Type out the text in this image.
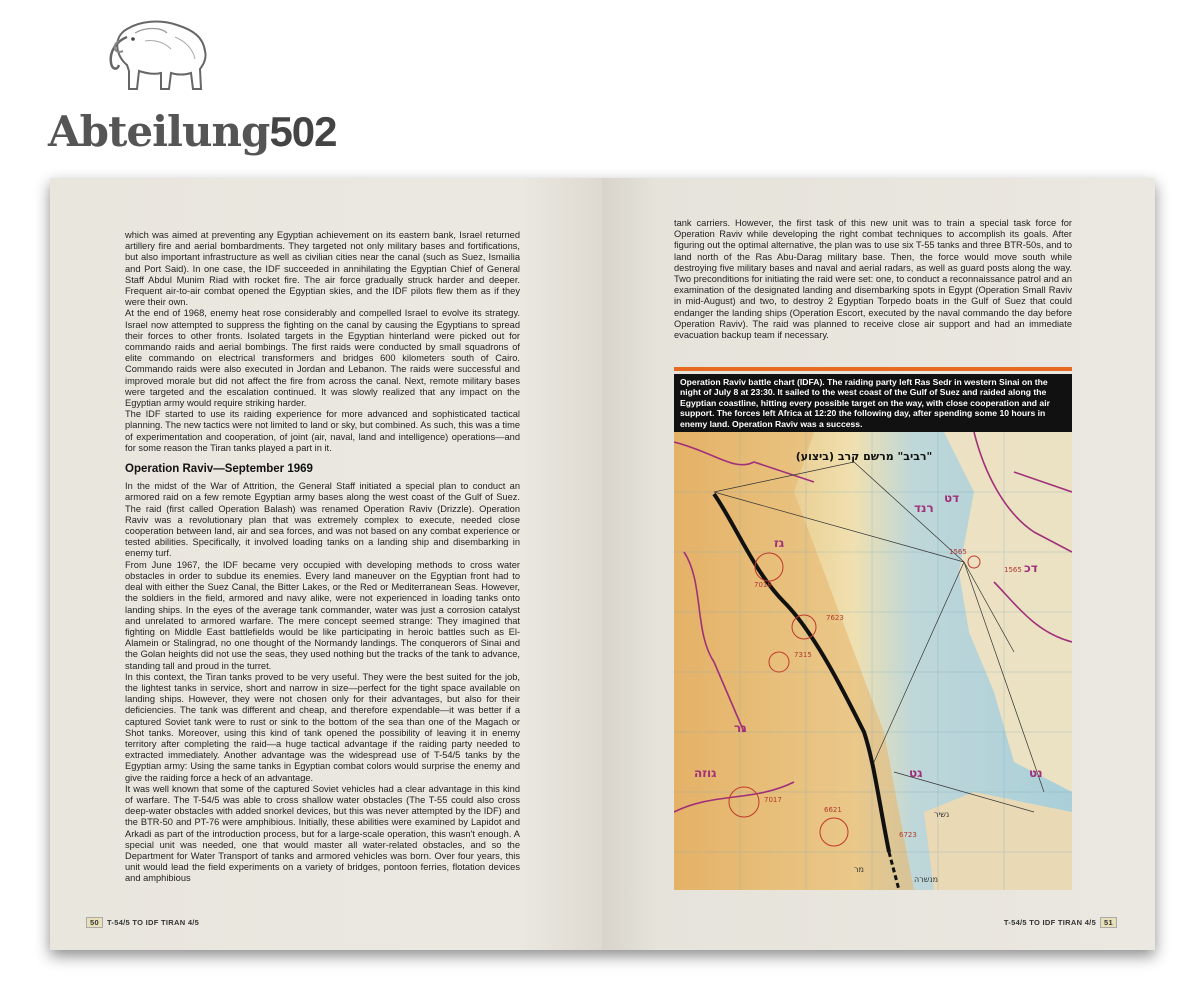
Abteilung502

which was aimed at preventing any Egyptian achievement on its eastern bank, Israel returned artillery fire and aerial bombardments. They targeted not only military bases and fortifications, but also important infrastructure as well as civilian cities near the canal (such as Suez, Ismailia and Port Said). In one case, the IDF succeeded in annihilating the Egyptian Chief of General Staff Abdul Munim Riad with rocket fire. The air force gradually struck harder and deeper. Frequent air-to-air combat opened the Egyptian skies, and the IDF pilots flew them as if they were their own.

At the end of 1968, enemy heat rose considerably and compelled Israel to evolve its strategy. Israel now attempted to suppress the fighting on the canal by causing the Egyptians to spread their forces to other fronts. Isolated targets in the Egyptian hinterland were picked out for commando raids and aerial bombings. The first raids were conducted by small squadrons of elite commando on electrical transformers and bridges 600 kilometers south of Cairo. Commando raids were also executed in Jordan and Lebanon. The raids were successful and improved morale but did not affect the fire from across the canal. Next, remote military bases were targeted and the escalation continued. It was slowly realized that any impact on the Egyptian army would require striking harder.

The IDF started to use its raiding experience for more advanced and sophisticated tactical planning. The new tactics were not limited to land or sky, but combined. As such, this was a time of experimentation and cooperation, of joint (air, naval, land and intelligence) operations—and for some reason the Tiran tanks played a part in it.

Operation Raviv—September 1969

In the midst of the War of Attrition, the General Staff initiated a special plan to conduct an armored raid on a few remote Egyptian army bases along the west coast of the Gulf of Suez. The raid (first called Operation Balash) was renamed Operation Raviv (Drizzle). Operation Raviv was a revolutionary plan that was extremely complex to execute, needed close cooperation between land, air and sea forces, and was not based on any combat experience or tested abilities. Specifically, it involved loading tanks on a landing ship and disembarking in enemy turf.

From June 1967, the IDF became very occupied with developing methods to cross water obstacles in order to subdue its enemies. Every land maneuver on the Egyptian front had to deal with either the Suez Canal, the Bitter Lakes, or the Red or Mediterranean Seas. However, the soldiers in the field, armored and navy alike, were not experienced in loading tanks onto landing ships. In the eyes of the average tank commander, water was just a corrosion catalyst and unrelated to armored warfare. The mere concept seemed strange: They imagined that fighting on Middle East battlefields would be like participating in heroic battles such as El-Alamein or Stalingrad, no one thought of the Normandy landings. The conquerors of Sinai and the Golan heights did not use the seas, they used nothing but the tracks of the tank to advance, standing tall and proud in the turret.

In this context, the Tiran tanks proved to be very useful. They were the best suited for the job, the lightest tanks in service, short and narrow in size—perfect for the tight space available on landing ships. However, they were not chosen only for their advantages, but also for their deficiencies. The tank was different and cheap, and therefore expendable—it was better if a captured Soviet tank were to rust or sink to the bottom of the sea than one of the Magach or Shot tanks. Moreover, using this kind of tank opened the possibility of leaving it in enemy territory after completing the raid—a huge tactical advantage if the raiding party needed to extracted immediately. Another advantage was the widespread use of T-54/5 tanks by the Egyptian army: Using the same tanks in Egyptian combat colors would surprise the enemy and give the raiding force a heck of an advantage.

It was well known that some of the captured Soviet vehicles had a clear advantage in this kind of warfare. The T-54/5 was able to cross shallow water obstacles (The T-55 could also cross deep-water obstacles with added snorkel devices, but this was never attempted by the IDF) and the BTR-50 and PT-76 were amphibious. Initially, these abilities were examined by Lapidot and Arkadi as part of the introduction process, but for a large-scale operation, this wasn't enough. A special unit was needed, one that would master all water-related obstacles, and so the Department for Water Transport of tanks and armored vehicles was born. Over four years, this unit would lead the field experiments on a variety of bridges, pontoon ferries, flotation devices and amphibious

50 T-54/5 TO IDF TIRAN 4/5

tank carriers. However, the first task of this new unit was to train a special task force for Operation Raviv while developing the right combat techniques to accomplish its goals. After figuring out the optimal alternative, the plan was to use six T-55 tanks and three BTR-50s, and to land north of the Ras Abu-Darag military base. Then, the force would move south while destroying five military bases and naval and aerial radars, as well as guard posts along the way. Two preconditions for initiating the raid were set: one, to conduct a reconnaissance patrol and an examination of the designated landing and disembarking spots in Egypt (Operation Small Raviv in mid-August) and two, to destroy 2 Egyptian Torpedo boats in the Gulf of Suez that could endanger the landing ships (Operation Escort, executed by the naval commando the day before Operation Raviv). The raid was planned to receive close air support and had an immediate evacuation backup team if necessary.

Operation Raviv battle chart (IDFA). The raiding party left Ras Sedr in western Sinai on the night of July 8 at 23:30. It sailed to the west coast of the Gulf of Suez and raided along the Egyptian coastline, hitting every possible target on the way, with close cooperation and air support. The forces left Africa at 12:20 the following day, after spending some 10 hours in enemy land. Operation Raviv was a success.
"רביב" מרשם קרב (ביצוע)
7018
7623
7315
7017
6723
6621
1565
1565
רנד
דכ
גז
דט
גוזה	גט	נט
גר
מר
נשיר
מנשרה
T-54/5 TO IDF TIRAN 4/5 51
